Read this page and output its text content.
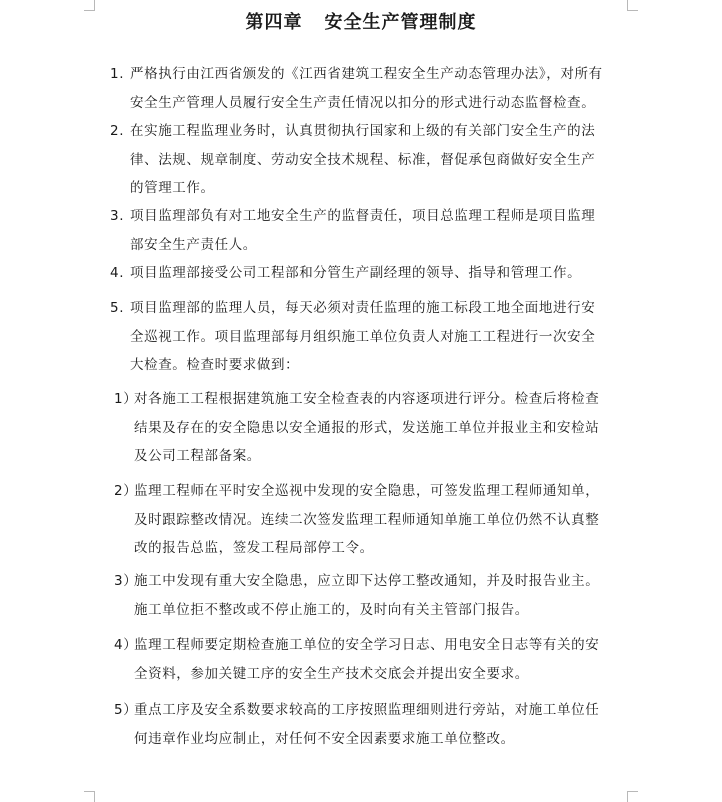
第四章 安全生产管理制度

1. 严格执行由江西省颁发的《江西省建筑工程安全生产动态管理办法》，对所有
安全生产管理人员履行安全生产责任情况以扣分的形式进行动态监督检查。

2. 在实施工程监理业务时，认真贯彻执行国家和上级的有关部门安全生产的法
律、法规、规章制度、劳动安全技术规程、标准，督促承包商做好安全生产
的管理工作。

3. 项目监理部负有对工地安全生产的监督责任，项目总监理工程师是项目监理
部安全生产责任人。

4. 项目监理部接受公司工程部和分管生产副经理的领导、指导和管理工作。

5. 项目监理部的监理人员，每天必须对责任监理的施工标段工地全面地进行安
全巡视工作。项目监理部每月组织施工单位负责人对施工工程进行一次安全
大检查。检查时要求做到：

1）对各施工工程根据建筑施工安全检查表的内容逐项进行评分。检查后将检查
结果及存在的安全隐患以安全通报的形式，发送施工单位并报业主和安检站
及公司工程部备案。

2）监理工程师在平时安全巡视中发现的安全隐患，可签发监理工程师通知单，
及时跟踪整改情况。连续二次签发监理工程师通知单施工单位仍然不认真整
改的报告总监，签发工程局部停工令。

3）施工中发现有重大安全隐患，应立即下达停工整改通知，并及时报告业主。
施工单位拒不整改或不停止施工的，及时向有关主管部门报告。

4）监理工程师要定期检查施工单位的安全学习日志、用电安全日志等有关的安
全资料，参加关键工序的安全生产技术交底会并提出安全要求。

5）重点工序及安全系数要求较高的工序按照监理细则进行旁站，对施工单位任
何违章作业均应制止，对任何不安全因素要求施工单位整改。
